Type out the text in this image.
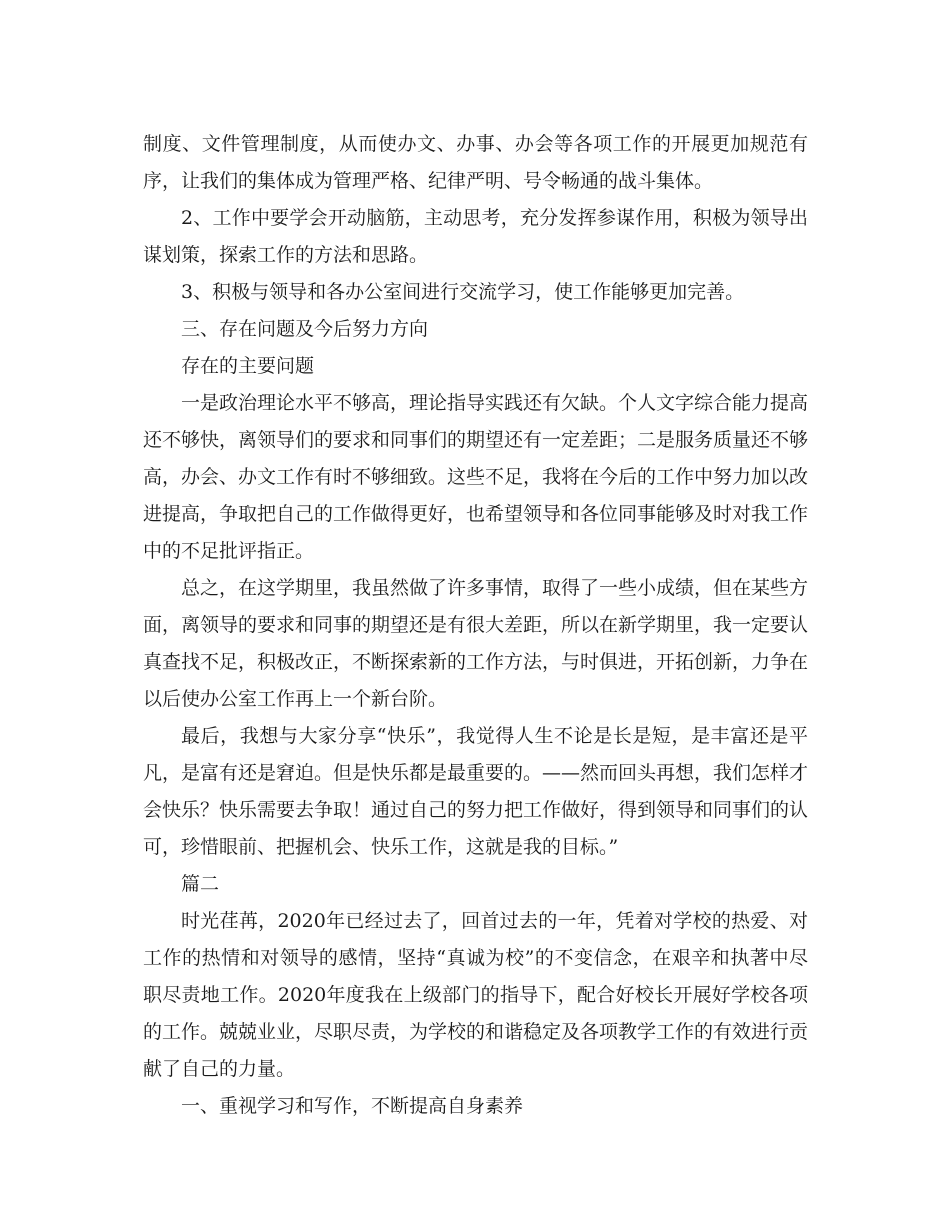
制度、文件管理制度，从而使办文、办事、办会等各项工作的开展更加规范有序，让我们的集体成为管理严格、纪律严明、号令畅通的战斗集体。

2、工作中要学会开动脑筋，主动思考，充分发挥参谋作用，积极为领导出谋划策，探索工作的方法和思路。

3、积极与领导和各办公室间进行交流学习，使工作能够更加完善。

三、存在问题及今后努力方向

存在的主要问题

一是政治理论水平不够高，理论指导实践还有欠缺。个人文字综合能力提高还不够快，离领导们的要求和同事们的期望还有一定差距；二是服务质量还不够高，办会、办文工作有时不够细致。这些不足，我将在今后的工作中努力加以改进提高，争取把自己的工作做得更好，也希望领导和各位同事能够及时对我工作中的不足批评指正。

总之，在这学期里，我虽然做了许多事情，取得了一些小成绩，但在某些方面，离领导的要求和同事的期望还是有很大差距，所以在新学期里，我一定要认真查找不足，积极改正，不断探索新的工作方法，与时俱进，开拓创新，力争在以后使办公室工作再上一个新台阶。

最后，我想与大家分享“快乐”，我觉得人生不论是长是短，是丰富还是平凡，是富有还是窘迫。但是快乐都是最重要的。——然而回头再想，我们怎样才会快乐？快乐需要去争取！通过自己的努力把工作做好，得到领导和同事们的认可，珍惜眼前、把握机会、快乐工作，这就是我的目标。”

篇二

时光荏苒，2020年已经过去了，回首过去的一年，凭着对学校的热爱、对工作的热情和对领导的感情，坚持“真诚为校”的不变信念，在艰辛和执著中尽职尽责地工作。2020年度我在上级部门的指导下，配合好校长开展好学校各项的工作。兢兢业业，尽职尽责，为学校的和谐稳定及各项教学工作的有效进行贡献了自己的力量。

一、重视学习和写作，不断提高自身素养
